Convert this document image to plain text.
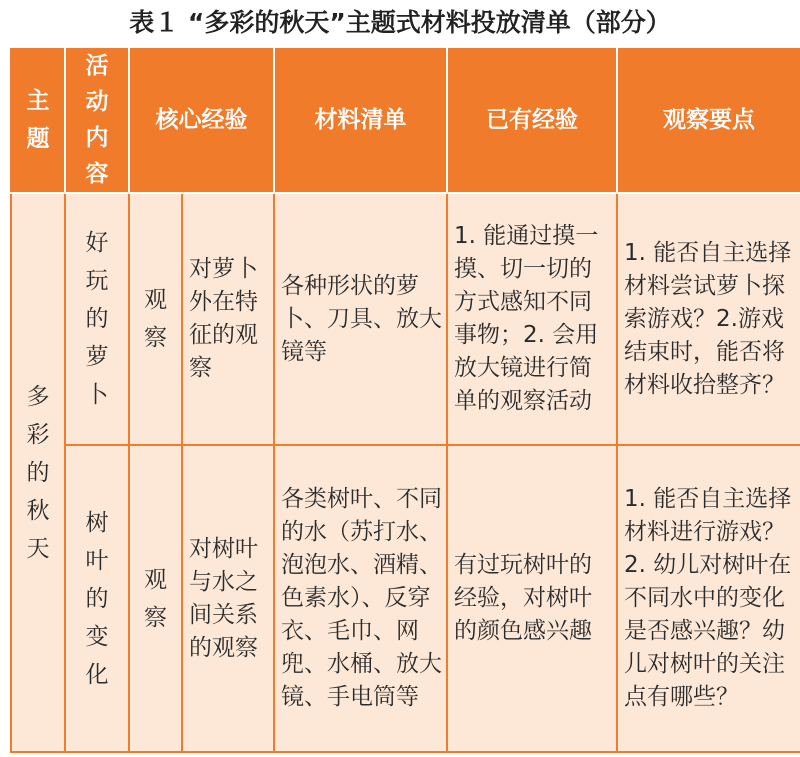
表１ “多彩的秋天”主题式材料投放清单（部分）
主题	活动内容	核心经验		材料清单	已有经验	观察要点
多彩的秋天	好玩的萝卜	观察	对萝卜外在特征的观察	各种形状的萝卜、刀具、放大镜等	1. 能通过摸一摸、切一切的方式感知不同事物；2. 会用放大镜进行简单的观察活动	1. 能否自主选择材料尝试萝卜探索游戏？2.游戏结束时，能否将材料收拾整齐？
	树叶的变化	观察	对树叶与水之间关系的观察	各类树叶、不同的水（苏打水、泡泡水、酒精、色素水）、反穿衣、毛巾、网兜、水桶、放大镜、手电筒等	有过玩树叶的经验，对树叶的颜色感兴趣	1. 能否自主选择材料进行游戏？2. 幼儿对树叶在不同水中的变化是否感兴趣？幼儿对树叶的关注点有哪些？
